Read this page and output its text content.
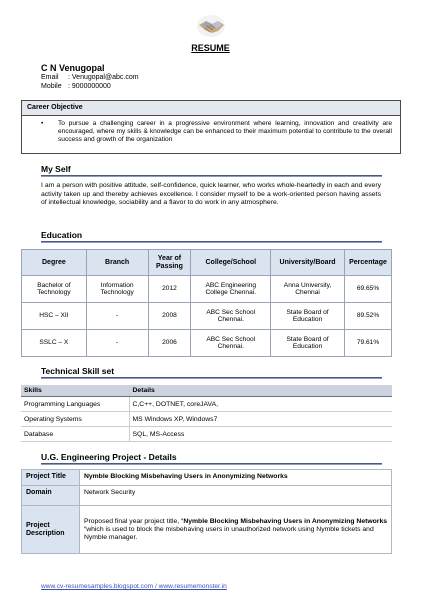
RESUME
C N Venugopal
Email : Venugopal@abc.com
Mobile : 9000000000
Career Objective
• To pursue a challenging career in a progressive environment where learning, innovation and creativity are encouraged, where my skills & knowledge can be enhanced to their maximum potential to contribute to the overall success and growth of the organization
My Self
I am a person with positive attitude, self-confidence, quick learner, who works whole-heartedly in each and every activity taken up and thereby achieves excellence. I consider myself to be a work-oriented person having assets of intellectual knowledge, sociability and a flavor to do work in any atmosphere.
Education
Degree	Branch	Year of Passing	College/School	University/Board	Percentage
Bachelor of Technology	Information Technology	2012	ABC Engineering College Chennai.	Anna University, Chennai	69.65%
HSC – XII	-	2008	ABC Sec School Chennai.	State Board of Education	89.52%
SSLC – X	-	2006	ABC Sec School Chennai.	State Board of Education	79.61%
Technical Skill set
Skills	Details
Programming Languages	C,C++, DOTNET, coreJAVA,
Operating Systems	MS Windows XP, Windows7
Database	SQL, MS-Access
U.G. Engineering Project - Details
Project Title	Nymble Blocking Misbehaving Users in Anonymizing Networks
Domain	Network Security
Project Description	Proposed final year project title, “Nymble Blocking Misbehaving Users in Anonymizing Networks “which is used to block the misbehaving users in unauthorized network using Nymble tickets and Nymble manager.
www.cv-resumesamples.blogspot.com / www.resumemonster.in
